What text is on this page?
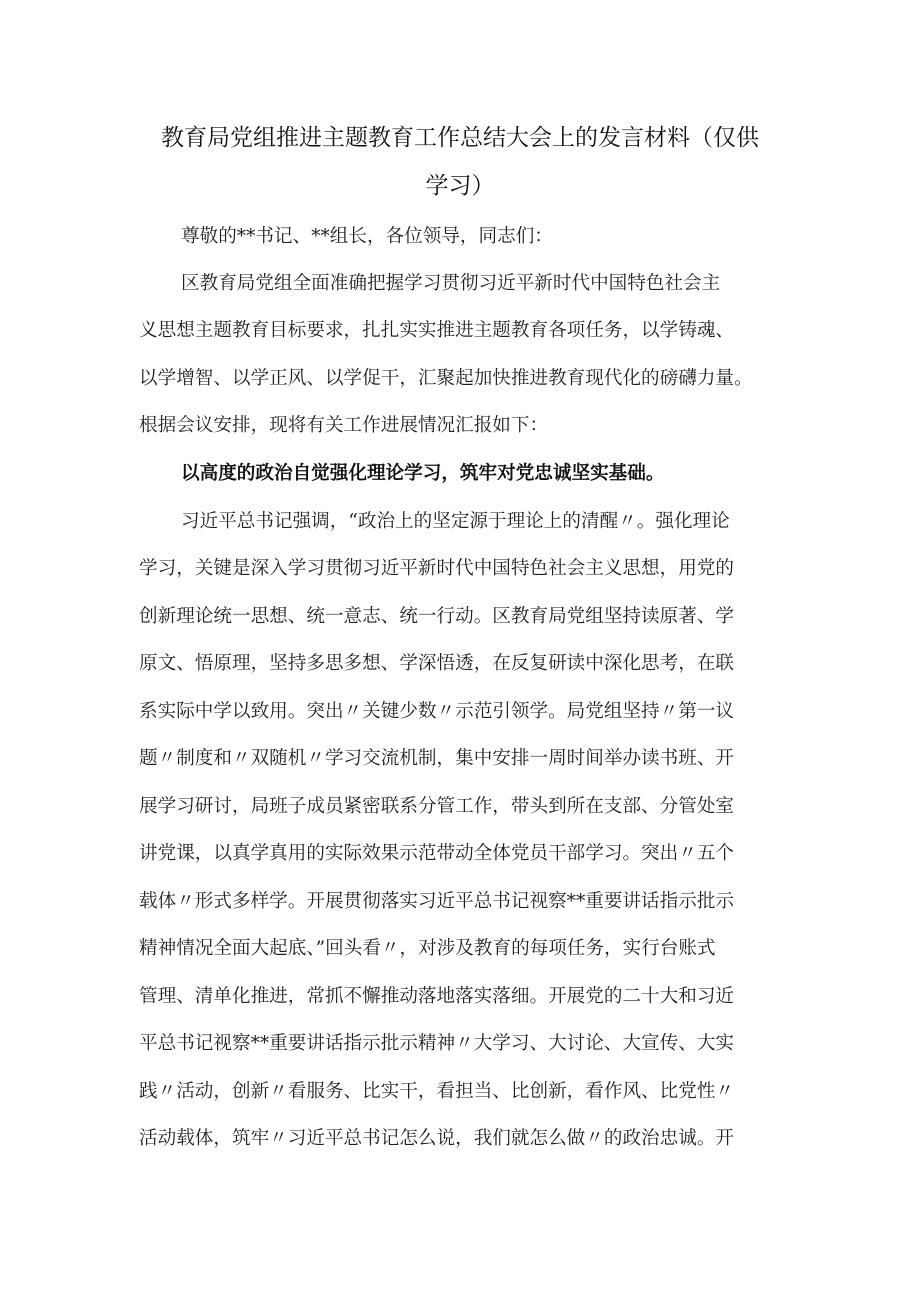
教育局党组推进主题教育工作总结大会上的发言材料（仅供
学习）
尊敬的**书记、**组长，各位领导，同志们：
区教育局党组全面准确把握学习贯彻习近平新时代中国特色社会主
义思想主题教育目标要求，扎扎实实推进主题教育各项任务，以学铸魂、
以学增智、以学正风、以学促干，汇聚起加快推进教育现代化的磅礴力量。
根据会议安排，现将有关工作进展情况汇报如下：
以高度的政治自觉强化理论学习，筑牢对党忠诚坚实基础。
习近平总书记强调，“政治上的坚定源于理论上的清醒〃。强化理论
学习，关键是深入学习贯彻习近平新时代中国特色社会主义思想，用党的
创新理论统一思想、统一意志、统一行动。区教育局党组坚持读原著、学
原文、悟原理，坚持多思多想、学深悟透，在反复研读中深化思考，在联
系实际中学以致用。突出〃关键少数〃示范引领学。局党组坚持〃第一议
题〃制度和〃双随机〃学习交流机制，集中安排一周时间举办读书班、开
展学习研讨，局班子成员紧密联系分管工作，带头到所在支部、分管处室
讲党课，以真学真用的实际效果示范带动全体党员干部学习。突出〃五个
载体〃形式多样学。开展贯彻落实习近平总书记视察**重要讲话指示批示
精神情况全面大起底、”回头看〃，对涉及教育的每项任务，实行台账式
管理、清单化推进，常抓不懈推动落地落实落细。开展党的二十大和习近
平总书记视察**重要讲话指示批示精神〃大学习、大讨论、大宣传、大实
践〃活动，创新〃看服务、比实干，看担当、比创新，看作风、比党性〃
活动载体，筑牢〃习近平总书记怎么说，我们就怎么做〃的政治忠诚。开
